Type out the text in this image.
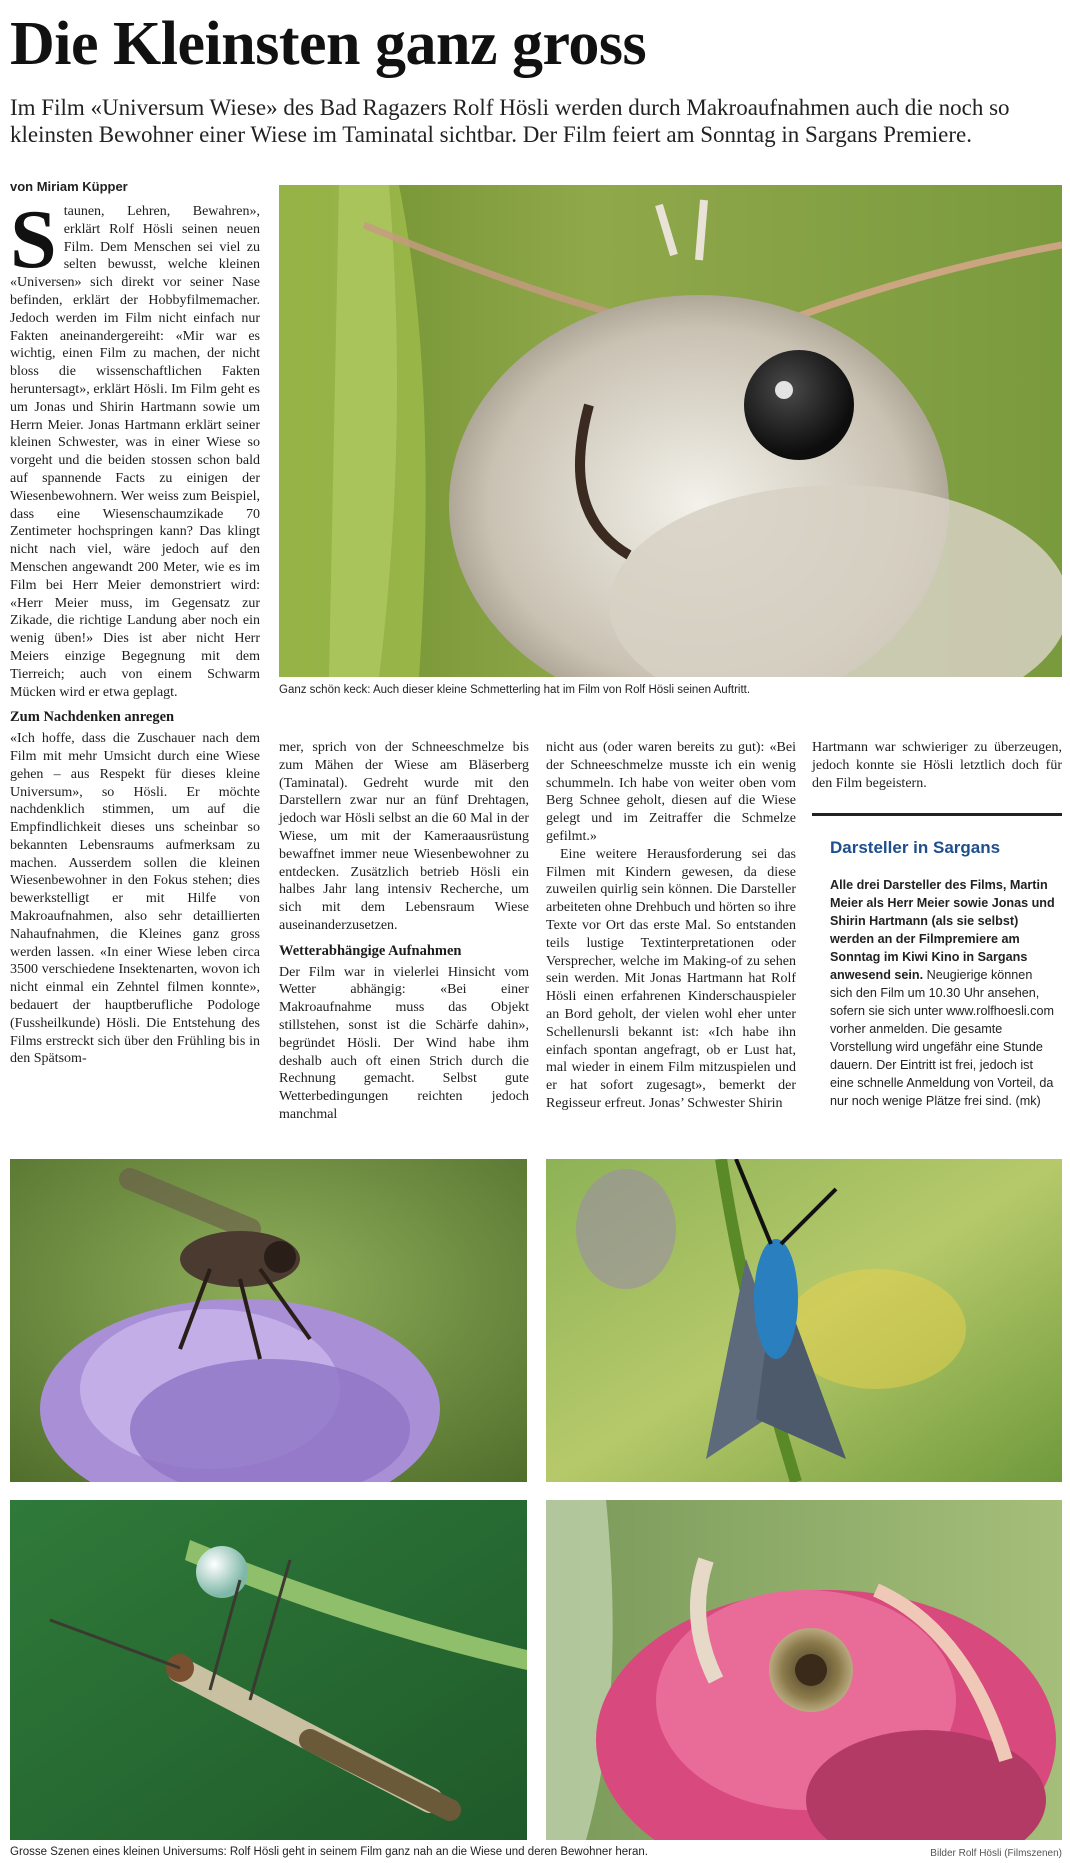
Die Kleinsten ganz gross
Im Film «Universum Wiese» des Bad Ragazers Rolf Hösli werden durch Makroaufnahmen auch die noch so kleinsten Bewohner einer Wiese im Taminatal sichtbar. Der Film feiert am Sonntag in Sargans Premiere.
von Miriam Küpper

Staunen, Lehren, Bewahren», erklärt Rolf Hösli seinen neuen Film. Dem Menschen sei viel zu selten bewusst, welche kleinen «Universen» sich direkt vor seiner Nase befinden, erklärt der Hobbyfilmemacher. Jedoch werden im Film nicht einfach nur Fakten aneinandergereiht: «Mir war es wichtig, einen Film zu machen, der nicht bloss die wissenschaftlichen Fakten heruntersagt», erklärt Hösli. Im Film geht es um Jonas und Shirin Hartmann sowie um Herrn Meier. Jonas Hartmann erklärt seiner kleinen Schwester, was in einer Wiese so vorgeht und die beiden stossen schon bald auf spannende Facts zu einigen der Wiesenbewohnern. Wer weiss zum Beispiel, dass eine Wiesenschaumzikade 70 Zentimeter hochspringen kann? Das klingt nicht nach viel, wäre jedoch auf den Menschen angewandt 200 Meter, wie es im Film bei Herr Meier demonstriert wird: «Herr Meier muss, im Gegensatz zur Zikade, die richtige Landung aber noch ein wenig üben!» Dies ist aber nicht Herr Meiers einzige Begegnung mit dem Tierreich; auch von einem Schwarm Mücken wird er etwa geplagt.

Zum Nachdenken anregen

«Ich hoffe, dass die Zuschauer nach dem Film mit mehr Umsicht durch eine Wiese gehen – aus Respekt für dieses kleine Universum», so Hösli. Er möchte nachdenklich stimmen, um auf die Empfindlichkeit dieses uns scheinbar so bekannten Lebensraums aufmerksam zu machen. Ausserdem sollen die kleinen Wiesenbewohner in den Fokus stehen; dies bewerkstelligt er mit Hilfe von Makroaufnahmen, also sehr detaillierten Nahaufnahmen, die Kleines ganz gross werden lassen. «In einer Wiese leben circa 3500 verschiedene Insektenarten, wovon ich nicht einmal ein Zehntel filmen konnte», bedauert der hauptberufliche Podologe (Fussheilkunde) Hösli. Die Entstehung des Films erstreckt sich über den Frühling bis in den Spätsom-

Ganz schön keck: Auch dieser kleine Schmetterling hat im Film von Rolf Hösli seinen Auftritt.

mer, sprich von der Schneeschmelze bis zum Mähen der Wiese am Bläserberg (Taminatal). Gedreht wurde mit den Darstellern zwar nur an fünf Drehtagen, jedoch war Hösli selbst an die 60 Mal in der Wiese, um mit der Kameraausrüstung bewaffnet immer neue Wiesenbewohner zu entdecken. Zusätzlich betrieb Hösli ein halbes Jahr lang intensiv Recherche, um sich mit dem Lebensraum Wiese auseinanderzusetzen.

Wetterabhängige Aufnahmen

Der Film war in vielerlei Hinsicht vom Wetter abhängig: «Bei einer Makroaufnahme muss das Objekt stillstehen, sonst ist die Schärfe dahin», begründet Hösli. Der Wind habe ihm deshalb auch oft einen Strich durch die Rechnung gemacht. Selbst gute Wetterbedingungen reichten jedoch manchmal

nicht aus (oder waren bereits zu gut): «Bei der Schneeschmelze musste ich ein wenig schummeln. Ich habe von weiter oben vom Berg Schnee geholt, diesen auf die Wiese gelegt und im Zeitraffer die Schmelze gefilmt.»

Eine weitere Herausforderung sei das Filmen mit Kindern gewesen, da diese zuweilen quirlig sein können. Die Darsteller arbeiteten ohne Drehbuch und hörten so ihre Texte vor Ort das erste Mal. So entstanden teils lustige Textinterpretationen oder Versprecher, welche im Making-of zu sehen sein werden. Mit Jonas Hartmann hat Rolf Hösli einen erfahrenen Kinderschauspieler an Bord geholt, der vielen wohl eher unter Schellenursli bekannt ist: «Ich habe ihn einfach spontan angefragt, ob er Lust hat, mal wieder in einem Film mitzuspielen und er hat sofort zugesagt», bemerkt der Regisseur erfreut. Jonas’ Schwester Shirin

Hartmann war schwieriger zu überzeugen, jedoch konnte sie Hösli letztlich doch für den Film begeistern.

Darsteller in Sargans
Alle drei Darsteller des Films, Martin Meier als Herr Meier sowie Jonas und Shirin Hartmann (als sie selbst) werden an der Filmpremiere am Sonntag im Kiwi Kino in Sargans anwesend sein. Neugierige können sich den Film um 10.30 Uhr ansehen, sofern sie sich unter www.rolfhoesli.com vorher anmelden. Die gesamte Vorstellung wird ungefähr eine Stunde dauern. Der Eintritt ist frei, jedoch ist eine schnelle Anmeldung von Vorteil, da nur noch wenige Plätze frei sind. (mk)
Grosse Szenen eines kleinen Universums: Rolf Hösli geht in seinem Film ganz nah an die Wiese und deren Bewohner heran.	Bilder Rolf Hösli (Filmszenen)
